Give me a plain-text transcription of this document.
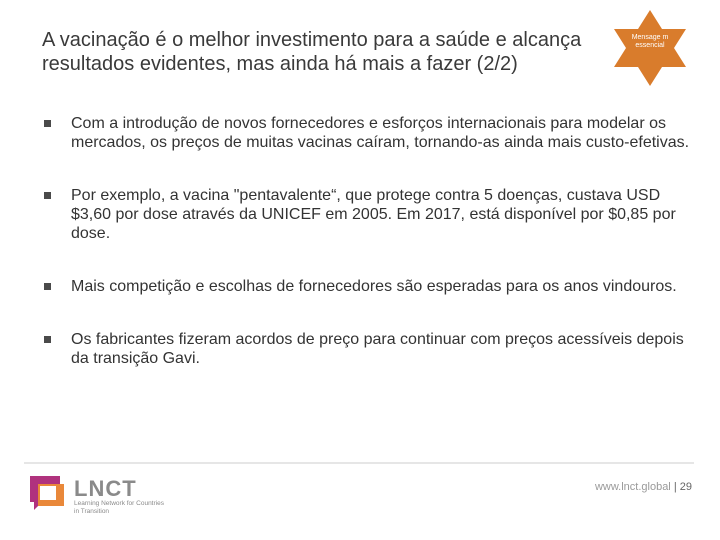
A vacinação é o melhor investimento para a saúde e alcança resultados evidentes, mas ainda há mais a fazer (2/2)
Mensage m essencial
Com a introdução de novos fornecedores e esforços internacionais para modelar os mercados, os preços de muitas vacinas caíram, tornando-as ainda mais custo-efetivas.
Por exemplo, a vacina "pentavalente“, que protege contra 5 doenças, custava USD $3,60 por dose através da UNICEF em 2005. Em 2017, está disponível por $0,85 por dose.
Mais competição e escolhas de fornecedores são esperadas para os anos vindouros.
Os fabricantes fizeram acordos de preço para continuar com preços acessíveis depois da transição Gavi.
LNCT
Learning Network for Countries in Transition
www.lnct.global | 29
